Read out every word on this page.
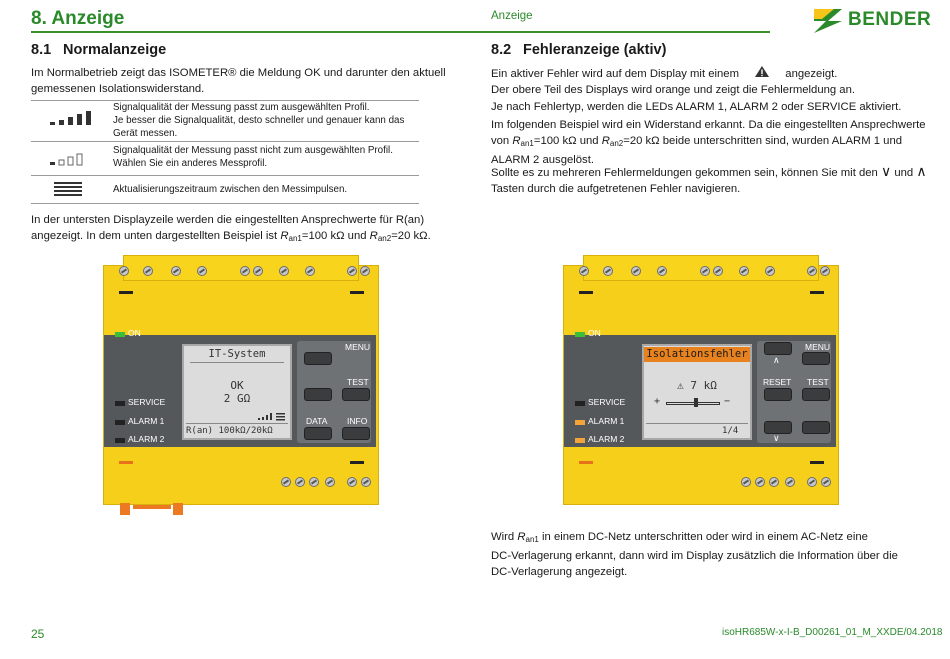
8. Anzeige	Anzeige	BENDER
8.1 Normalanzeige

Im Normalbetrieb zeigt das ISOMETER® die Meldung OK und darunter den aktuell
gemessenen Isolationswiderstand.

Signalqualität der Messung passt zum ausgewählten Profil.
Je besser die Signalqualität, desto schneller und genauer kann das
Gerät messen.
Signalqualität der Messung passt nicht zum ausgewählten Profil.
Wählen Sie ein anderes Messprofil.
Aktualisierungszeitraum zwischen den Messimpulsen.

In der untersten Displayzeile werden die eingestellten Ansprechwerte für R(an)
angezeigt. In dem unten dargestellten Beispiel ist $R_{an1}=100$ kΩ und $R_{an2}=20$ kΩ.

ON
SERVICE
ALARM 1
ALARM 2
IT-System
OK
2 GΩ
R(an) 100kΩ/20kΩ
MENU
TEST
DATA INFO
8.2 Fehleranzeige (aktiv)

Ein aktiver Fehler wird auf dem Display mit einem	angezeigt.
Der obere Teil des Displays wird orange und zeigt die Fehlermeldung an.

Je nach Fehlertyp, werden die LEDs ALARM 1, ALARM 2 oder SERVICE aktiviert.

Im folgenden Beispiel wird ein Widerstand erkannt. Da die eingestellten Ansprechwerte
von $R_{an1}=100$ kΩ und $R_{an2}=20$ kΩ beide unterschritten sind, wurden ALARM 1 und
ALARM 2 ausgelöst.

Sollte es zu mehreren Fehlermeldungen gekommen sein, können Sie mit den ∨ und ∧
Tasten durch die aufgetretenen Fehler navigieren.

ON
SERVICE
ALARM 1
ALARM 2
Isolationsfehler
⚠ 7 kΩ
+	−
1/4
∧
MENU
RESET TEST
∨

Wird $R_{an1}$ in einem DC-Netz unterschritten oder wird in einem AC-Netz eine
DC-Verlagerung erkannt, dann wird im Display zusätzlich die Information über die
DC-Verlagerung angezeigt.

25	isoHR685W-x-I-B_D00261_01_M_XXDE/04.2018
